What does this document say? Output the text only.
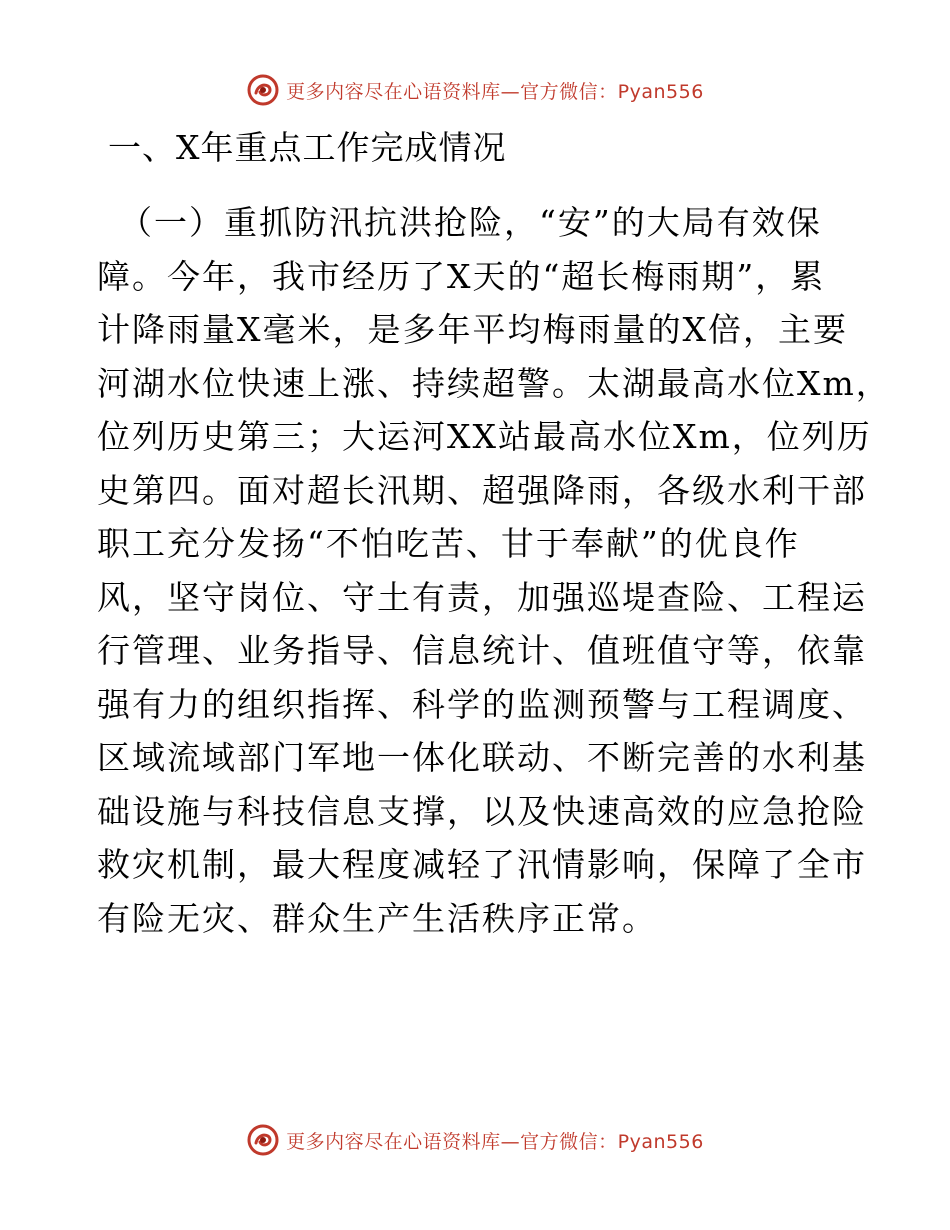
更多内容尽在心语资料库—官方微信：Pyan556
一、X年重点工作完成情况
（一）重抓防汛抗洪抢险，“安”的大局有效保
障。今年，我市经历了X天的“超长梅雨期”，累
计降雨量X毫米，是多年平均梅雨量的X倍，主要
河湖水位快速上涨、持续超警。太湖最高水位Xm，
位列历史第三；大运河XX站最高水位Xm，位列历
史第四。面对超长汛期、超强降雨，各级水利干部
职工充分发扬“不怕吃苦、甘于奉献”的优良作
风，坚守岗位、守土有责，加强巡堤查险、工程运
行管理、业务指导、信息统计、值班值守等，依靠
强有力的组织指挥、科学的监测预警与工程调度、
区域流域部门军地一体化联动、不断完善的水利基
础设施与科技信息支撑，以及快速高效的应急抢险
救灾机制，最大程度减轻了汛情影响，保障了全市
有险无灾、群众生产生活秩序正常。
更多内容尽在心语资料库—官方微信：Pyan556
